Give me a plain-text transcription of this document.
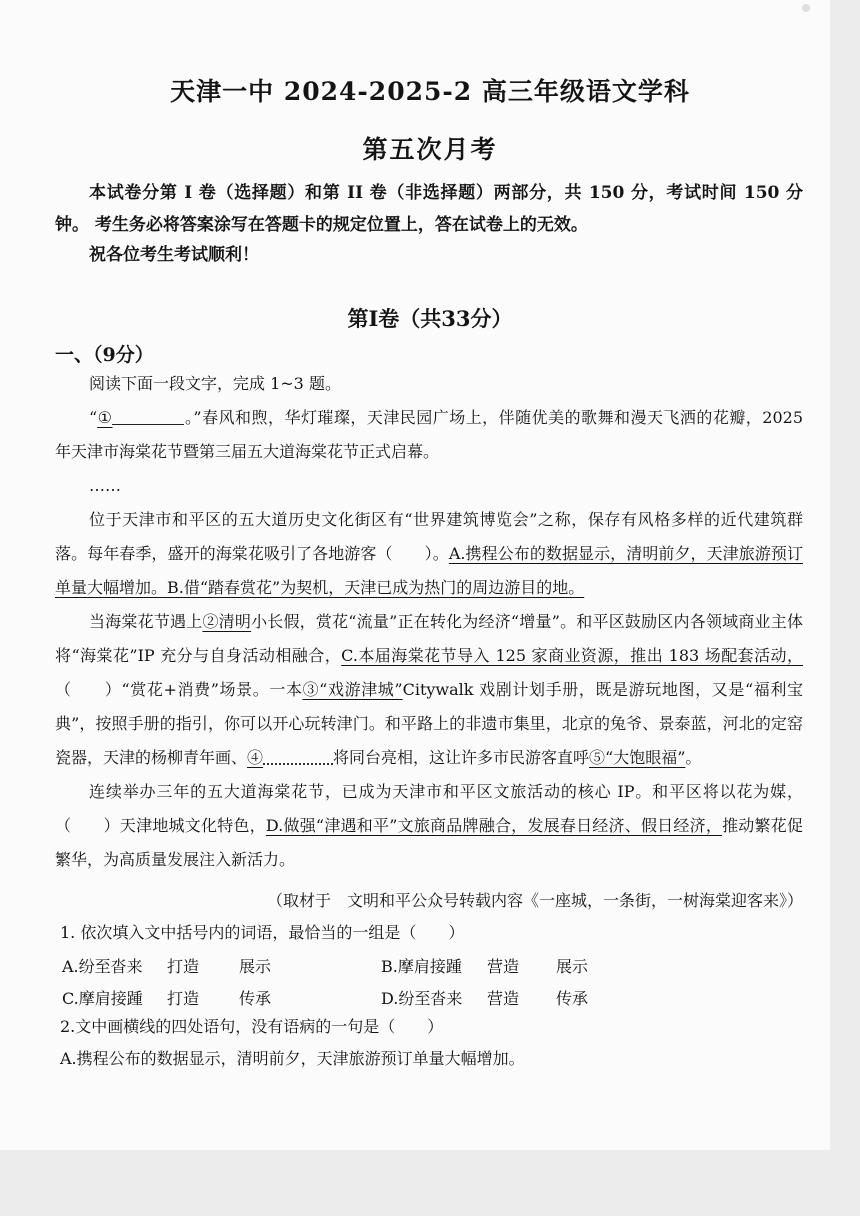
天津一中 2024-2025-2 高三年级语文学科
第五次月考
本试卷分第 I 卷（选择题）和第 II 卷（非选择题）两部分，共 150 分，考试时间 150 分钟。 考生务必将答案涂写在答题卡的规定位置上，答在试卷上的无效。
祝各位考生考试顺利！
第I卷（共33分）
一、（9分）

阅读下面一段文字，完成 1~3 题。

“①	。”春风和煦，华灯璀璨，天津民园广场上，伴随优美的歌舞和漫天飞洒的花瓣，2025 年天津市海棠花节暨第三届五大道海棠花节正式启幕。

……

位于天津市和平区的五大道历史文化街区有“世界建筑博览会”之称，保存有风格多样的近代建筑群落。每年春季，盛开的海棠花吸引了各地游客（　　）。A.携程公布的数据显示，清明前夕，天津旅游预订单量大幅增加。B.借“踏春赏花”为契机，天津已成为热门的周边游目的地。

当海棠花节遇上②清明小长假，赏花“流量”正在转化为经济“增量”。和平区鼓励区内各领域商业主体将“海棠花”IP 充分与自身活动相融合，C.本届海棠花节导入 125 家商业资源，推出 183 场配套活动，（　　）“赏花+消费”场景。一本③“戏游津城”Citywalk 戏剧计划手册，既是游玩地图，又是“福利宝典”，按照手册的指引，你可以开心玩转津门。和平路上的非遗市集里，北京的兔爷、景泰蓝，河北的定窑瓷器，天津的杨柳青年画、④	将同台亮相，这让许多市民游客直呼⑤“大饱眼福”。

连续举办三年的五大道海棠花节，已成为天津市和平区文旅活动的核心 IP。和平区将以花为媒，（　　）天津地城文化特色，D.做强“津遇和平”文旅商品牌融合，发展春日经济、假日经济，推动繁花促繁华，为高质量发展注入新活力。

（取材于　文明和平公众号转载内容《一座城，一条街，一树海棠迎客来》）
1. 依次填入文中括号内的词语，最恰当的一组是（　　）
A.纷至沓来 打造 展示	B.摩肩接踵 营造 展示
C.摩肩接踵 打造 传承	D.纷至沓来 营造 传承
2.文中画横线的四处语句，没有语病的一句是（　　）
A.携程公布的数据显示，清明前夕，天津旅游预订单量大幅增加。
